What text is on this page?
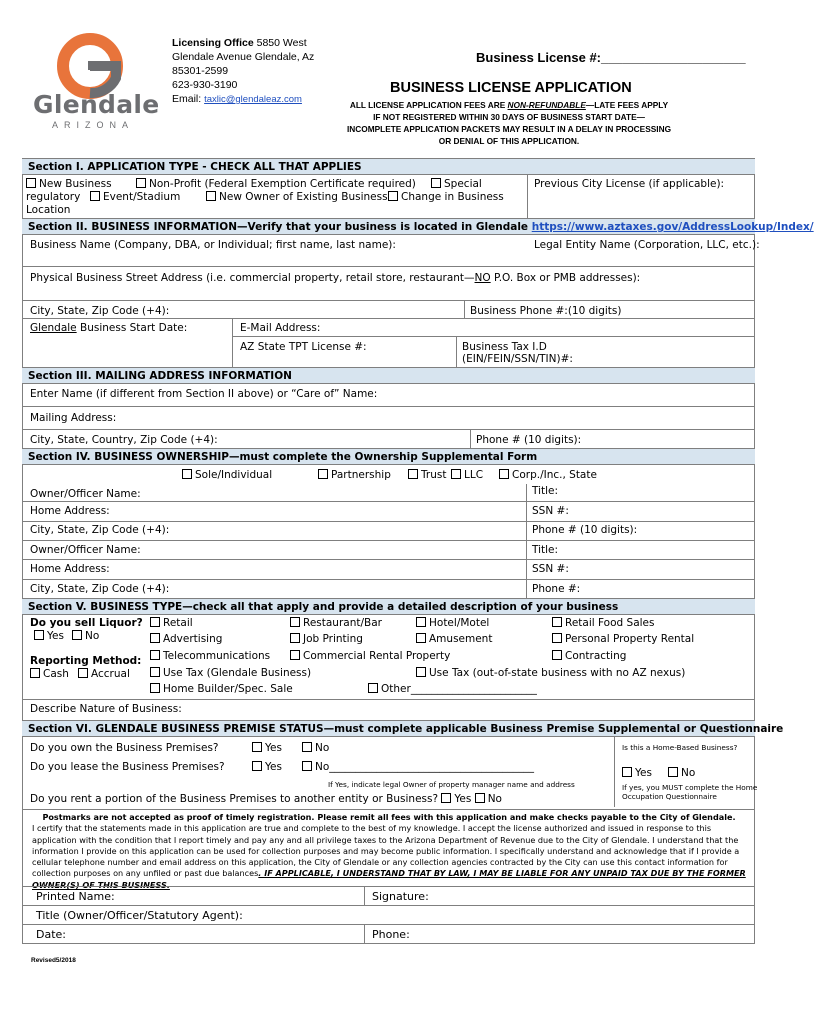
Glendale
ARIZONA
Licensing Office 5850 West
Glendale Avenue Glendale, Az
85301-2599
623-930-3190
Email: taxlic@glendaleaz.com
Business License #:____________________
BUSINESS LICENSE APPLICATION
ALL LICENSE APPLICATION FEES ARE NON-REFUNDABLE—LATE FEES APPLY IF NOT REGISTERED WITHIN 30 DAYS OF BUSINESS START DATE— INCOMPLETE APPLICATION PACKETS MAY RESULT IN A DELAY IN PROCESSING OR DENIAL OF THIS APPLICATION.
Section I. APPLICATION TYPE - CHECK ALL THAT APPLIES
New Business	Non-Profit (Federal Exemption Certificate required)	Special
regulatory	Event/Stadium	New Owner of Existing Business	Change in Business
Location
Previous City License (if applicable):
Section II. BUSINESS INFORMATION—Verify that your business is located in Glendale https://www.aztaxes.gov/AddressLookup/Index/
Business Name (Company, DBA, or Individual; first name, last name):	Legal Entity Name (Corporation, LLC, etc.):
Physical Business Street Address (i.e. commercial property, retail store, restaurant—NO P.O. Box or PMB addresses):
City, State, Zip Code (+4):	Business Phone #:(10 digits)
Glendale Business Start Date:	E-Mail Address:
AZ State TPT License #:	Business Tax I.D
(EIN/FEIN/SSN/TIN)#:
Section III. MAILING ADDRESS INFORMATION
Enter Name (if different from Section II above) or “Care of” Name:
Mailing Address:
City, State, Country, Zip Code (+4):	Phone # (10 digits):
Section IV. BUSINESS OWNERSHIP—must complete the Ownership Supplemental Form
Sole/Individual	Partnership	Trust	LLC	Corp./Inc., State
Owner/Officer Name:	Title:
Home Address:	SSN #:
City, State, Zip Code (+4):	Phone # (10 digits):
Owner/Officer Name:	Title:
Home Address:	SSN #:
City, State, Zip Code (+4):	Phone #:
Section V. BUSINESS TYPE—check all that apply and provide a detailed description of your business
Do you sell Liquor?
Yes	No
Reporting Method:
Cash	Accrual
Retail	Restaurant/Bar	Hotel/Motel	Retail Food Sales
Advertising	Job Printing	Amusement	Personal Property Rental
Telecommunications	Commercial Rental Property	Contracting
Use Tax (Glendale Business)	Use Tax (out-of-state business with no AZ nexus)
Home Builder/Spec. Sale	Other________________________
Describe Nature of Business:
Section VI. GLENDALE BUSINESS PREMISE STATUS—must complete applicable Business Premise Supplemental or Questionnaire
Do you own the Business Premises?	Yes	No	Is this a Home-Based Business?
Do you lease the Business Premises?	Yes	No_______________________________________
If Yes, indicate legal Owner of property manager name and address
Yes	No
If yes, you MUST complete the Home
Occupation Questionnaire
Do you rent a portion of the Business Premises to another entity or Business? Yes No
Postmarks are not accepted as proof of timely registration. Please remit all fees with this application and make checks payable to the City of Glendale.
I certify that the statements made in this application are true and complete to the best of my knowledge. I accept the license authorized and issued in response to this application with the condition that I report timely and pay any and all privilege taxes to the Arizona Department of Revenue due to the City of Glendale. I understand that the information I provide on this application can be used for collection purposes and may become public information. I specifically understand and acknowledge that if I provide a cellular telephone number and email address on this application, the City of Glendale or any collection agencies contracted by the City can use this contact information for collection purposes on any unfiled or past due balances. IF APPLICABLE, I UNDERSTAND THAT BY LAW, I MAY BE LIABLE FOR ANY UNPAID TAX DUE BY THE FORMER OWNER(S) OF THIS BUSINESS.
Printed Name:	Signature:
Title (Owner/Officer/Statutory Agent):
Date:	Phone:
Revised5/2018
